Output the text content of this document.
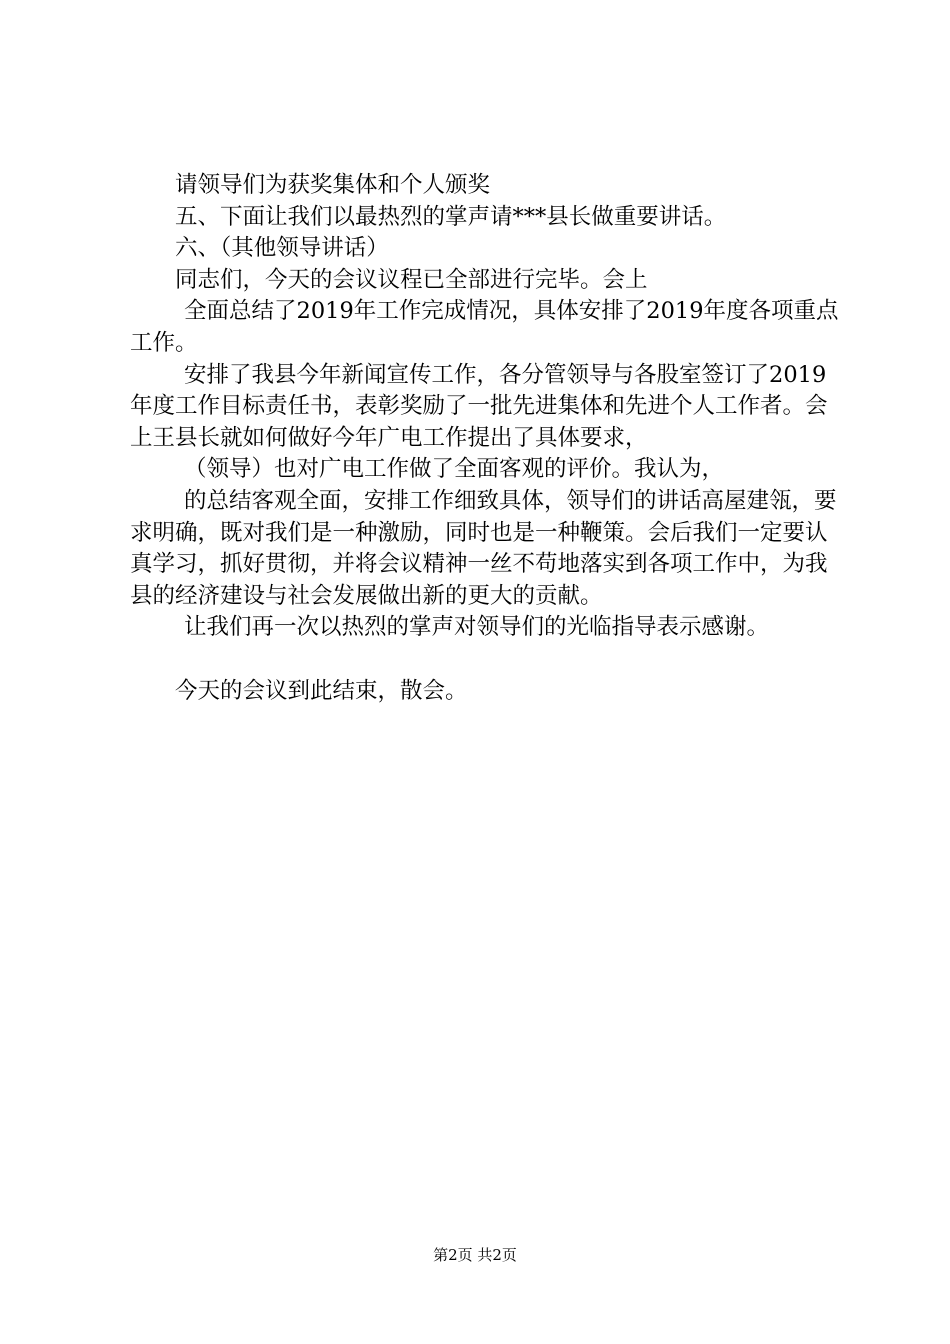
请领导们为获奖集体和个人颁奖

五、下面让我们以最热烈的掌声请***县长做重要讲话。

六、（其他领导讲话）

同志们，今天的会议议程已全部进行完毕。会上

全面总结了2019年工作完成情况，具体安排了2019年度各项重点工作。

安排了我县今年新闻宣传工作，各分管领导与各股室签订了2019年度工作目标责任书，表彰奖励了一批先进集体和先进个人工作者。会上王县长就如何做好今年广电工作提出了具体要求，

（领导）也对广电工作做了全面客观的评价。我认为，

的总结客观全面，安排工作细致具体，领导们的讲话高屋建瓴，要求明确，既对我们是一种激励，同时也是一种鞭策。会后我们一定要认真学习，抓好贯彻，并将会议精神一丝不苟地落实到各项工作中，为我县的经济建设与社会发展做出新的更大的贡献。

让我们再一次以热烈的掌声对领导们的光临指导表示感谢。

今天的会议到此结束，散会。

第2页 共2页
